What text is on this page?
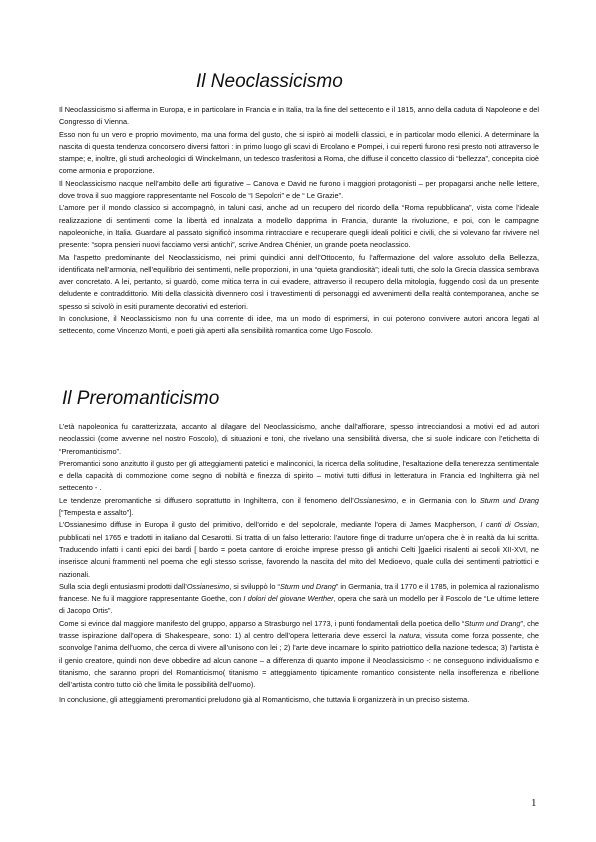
Il Neoclassicismo

Il Neoclassicismo si afferma in Europa, e in particolare in Francia e in Italia, tra la fine del settecento e il 1815, anno della caduta di Napoleone e del Congresso di Vienna.

Esso non fu un vero e proprio movimento, ma una forma del gusto, che si ispirò ai modelli classici, e in particolar modo ellenici. A determinare la nascita di questa tendenza concorsero diversi fattori : in primo luogo gli scavi di Ercolano e Pompei, i cui reperti furono resi presto noti attraverso le stampe; e, inoltre, gli studi archeologici di Winckelmann, un tedesco trasferitosi a Roma, che diffuse il concetto classico di “bellezza”, concepita cioè come armonia e proporzione.

Il Neoclassicismo nacque nell’ambito delle arti figurative – Canova e David ne furono i maggiori protagonisti – per propagarsi anche nelle lettere, dove trova il suo maggiore rappresentante nel Foscolo de “I Sepolcri” e de “ Le Grazie”.

L’amore per il mondo classico si accompagnò, in taluni casi, anche ad un recupero del ricordo della “Roma repubblicana”, vista come l’ideale realizzazione di sentimenti come la libertà ed innalzata a modello dapprima in Francia, durante la rivoluzione, e poi, con le campagne napoleoniche, in Italia. Guardare al passato significò insomma rintracciare e recuperare quegli ideali politici e civili, che si volevano far rivivere nel presente: “sopra pensieri nuovi facciamo versi antichi”, scrive Andrea Chénier, un grande poeta neoclassico.

Ma l’aspetto predominante del Neoclassicismo, nei primi quindici anni dell’Ottocento, fu l’affermazione del valore assoluto della Bellezza, identificata nell’armonia, nell’equilibrio dei sentimenti, nelle proporzioni, in una “quieta grandiosità”; ideali tutti, che solo la Grecia classica sembrava aver concretato. A lei, pertanto, si guardò, come mitica terra in cui evadere, attraverso il recupero della mitologia, fuggendo così da un presente deludente e contraddittorio. Miti della classicità divennero così i travestimenti di personaggi ed avvenimenti della realtà contemporanea, anche se spesso si scivolò in esiti puramente decorativi ed esteriori.

In conclusione, il Neoclassicismo non fu una corrente di idee, ma un modo di esprimersi, in cui poterono convivere autori ancora legati al settecento, come Vincenzo Monti, e poeti già aperti alla sensibilità romantica come Ugo Foscolo.

Il Preromanticismo

L’età napoleonica fu caratterizzata, accanto al dilagare del Neoclassicismo, anche dall’affiorare, spesso intrecciandosi a motivi ed ad autori neoclassici (come avvenne nel nostro Foscolo), di situazioni e toni, che rivelano una sensibilità diversa, che si suole indicare con l’etichetta di “Preromanticismo”.

Preromantici sono anzitutto il gusto per gli atteggiamenti patetici e malinconici, la ricerca della solitudine, l’esaltazione della tenerezza sentimentale e della capacità di commozione come segno di nobiltà e finezza di spirito – motivi tutti diffusi in letteratura in Francia ed Inghilterra già nel settecento - .

Le tendenze preromantiche si diffusero soprattutto in Inghilterra, con il fenomeno dell’Ossianesimo, e in Germania con lo Sturm und Drang [“Tempesta e assalto”].

L’Ossianesimo diffuse in Europa il gusto del primitivo, dell’orrido e del sepolcrale, mediante l’opera di James Macpherson, I canti di Ossian, pubblicati nel 1765 e tradotti in italiano dal Cesarotti. Si tratta di un falso letterario: l’autore finge di tradurre un’opera che è in realtà da lui scritta. Traducendo infatti i canti epici dei bardi [ bardo = poeta cantore di eroiche imprese presso gli antichi Celti ]gaelici risalenti ai secoli XII-XVI, ne inserisce alcuni frammenti nel poema che egli stesso scrisse, favorendo la nascita del mito del Medioevo, quale culla dei sentimenti patriottici e nazionali.

Sulla scia degli entusiasmi prodotti dall’Ossianesimo, si sviluppò lo “Sturm und Drang” in Germania, tra il 1770 e il 1785, in polemica al razionalismo francese. Ne fu il maggiore rappresentante Goethe, con I dolori del giovane Werther, opera che sarà un modello per il Foscolo de “Le ultime lettere di Jacopo Ortis”.

Come si evince dal maggiore manifesto del gruppo, apparso a Strasburgo nel 1773, i punti fondamentali della poetica dello “Sturm und Drang”, che trasse ispirazione dall’opera di Shakespeare, sono: 1) al centro dell’opera letteraria deve essercì la natura, vissuta come forza possente, che sconvolge l’anima dell’uomo, che cerca di vivere all’unisono con lei ; 2) l’arte deve incarnare lo spirito patriottico della nazione tedesca; 3) l’artista è il genio creatore, quindi non deve obbedire ad alcun canone – a differenza di quanto impone il Neoclassicismo -: ne conseguono individualismo e titanismo, che saranno propri del Romanticismo( titanismo = atteggiamento tipicamente romantico consistente nella insofferenza e ribellione dell’artista contro tutto ciò che limita le possibilità dell’uomo).

In conclusione, gli atteggiamenti preromantici preludono già al Romanticismo, che tuttavia li organizzerà in un preciso sistema.

1
